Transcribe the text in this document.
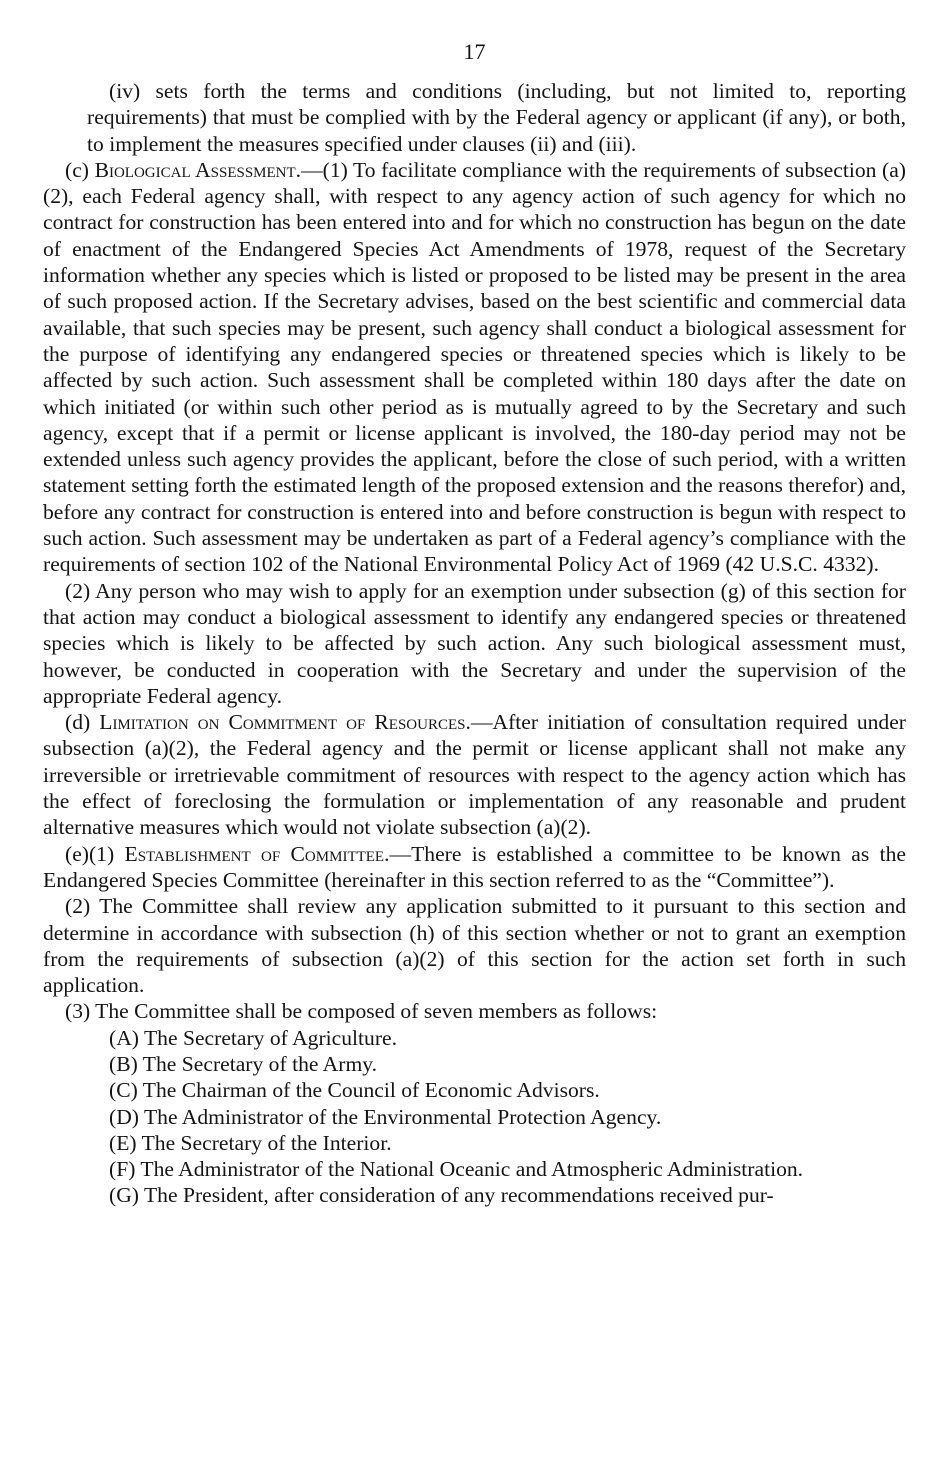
17

(iv) sets forth the terms and conditions (including, but not limited to, reporting requirements) that must be complied with by the Federal agency or applicant (if any), or both, to implement the measures specified under clauses (ii) and (iii).

(c) Biological Assessment.—(1) To facilitate compliance with the requirements of subsection (a)(2), each Federal agency shall, with respect to any agency action of such agency for which no contract for construction has been entered into and for which no construction has begun on the date of enactment of the Endangered Species Act Amendments of 1978, request of the Secretary information whether any species which is listed or proposed to be listed may be present in the area of such proposed action. If the Secretary advises, based on the best scientific and commercial data available, that such species may be present, such agency shall conduct a biological assessment for the purpose of identifying any endangered species or threatened species which is likely to be affected by such action. Such assessment shall be completed within 180 days after the date on which initiated (or within such other period as is mutually agreed to by the Secretary and such agency, except that if a permit or license applicant is involved, the 180-day period may not be extended unless such agency provides the applicant, before the close of such period, with a written statement setting forth the estimated length of the proposed extension and the reasons therefor) and, before any contract for construction is entered into and before construction is begun with respect to such action. Such assessment may be undertaken as part of a Federal agency’s compliance with the requirements of section 102 of the National Environmental Policy Act of 1969 (42 U.S.C. 4332).

(2) Any person who may wish to apply for an exemption under subsection (g) of this section for that action may conduct a biological assessment to identify any endangered species or threatened species which is likely to be affected by such action. Any such biological assessment must, however, be conducted in cooperation with the Secretary and under the supervision of the appropriate Federal agency.

(d) Limitation on Commitment of Resources.—After initiation of consultation required under subsection (a)(2), the Federal agency and the permit or license applicant shall not make any irreversible or irretrievable commitment of resources with respect to the agency action which has the effect of foreclosing the formulation or implementation of any reasonable and prudent alternative measures which would not violate subsection (a)(2).

(e)(1) Establishment of Committee.—There is established a committee to be known as the Endangered Species Committee (hereinafter in this section referred to as the “Committee”).

(2) The Committee shall review any application submitted to it pursuant to this section and determine in accordance with subsection (h) of this section whether or not to grant an exemption from the requirements of subsection (a)(2) of this section for the action set forth in such application.

(3) The Committee shall be composed of seven members as follows:

(A) The Secretary of Agriculture.

(B) The Secretary of the Army.

(C) The Chairman of the Council of Economic Advisors.

(D) The Administrator of the Environmental Protection Agency.

(E) The Secretary of the Interior.

(F) The Administrator of the National Oceanic and Atmospheric Administration.

(G) The President, after consideration of any recommendations received pur-
